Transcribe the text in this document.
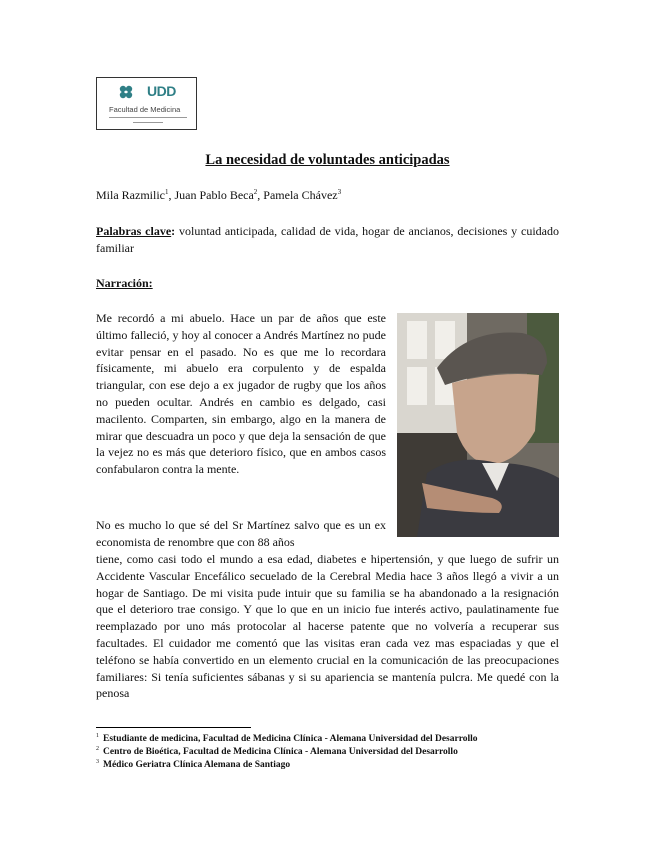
UDD
Facultad de Medicina
La necesidad de voluntades anticipadas
Mila Razmilic$^1$, Juan Pablo Beca$^2$, Pamela Chávez$^3$
Palabras clave: voluntad anticipada, calidad de vida, hogar de ancianos, decisiones y cuidado familiar
Narración:
Me recordó a mi abuelo. Hace un par de años que este último falleció, y hoy al conocer a Andrés Martínez no pude evitar pensar en el pasado. No es que me lo recordara físicamente, mi abuelo era corpulento y de espalda triangular, con ese dejo a ex jugador de rugby que los años no pueden ocultar. Andrés en cambio es delgado, casi macilento. Comparten, sin embargo, algo en la manera de mirar que descuadra un poco y que deja la sensación de que la vejez no es más que deterioro físico, que en ambos casos confabularon contra la mente.
No es mucho lo que sé del Sr Martínez salvo que es un ex economista de renombre que con 88 años
tiene, como casi todo el mundo a esa edad, diabetes e hipertensión, y que luego de sufrir un Accidente Vascular Encefálico secuelado de la Cerebral Media hace 3 años llegó a vivir a un hogar de Santiago. De mi visita pude intuir que su familia se ha abandonado a la resignación que el deterioro trae consigo. Y que lo que en un inicio fue interés activo, paulatinamente fue reemplazado por uno más protocolar al hacerse patente que no volvería a recuperar sus facultades. El cuidador me comentó que las visitas eran cada vez mas espaciadas y que el teléfono se había convertido en un elemento crucial en la comunicación de las preocupaciones familiares: Si tenía suficientes sábanas y si su apariencia se mantenía pulcra. Me quedé con la penosa
$^1$ Estudiante de medicina, Facultad de Medicina Clínica - Alemana Universidad del Desarrollo
$^2$ Centro de Bioética, Facultad de Medicina Clínica - Alemana Universidad del Desarrollo
$^3$ Médico Geriatra Clínica Alemana de Santiago
